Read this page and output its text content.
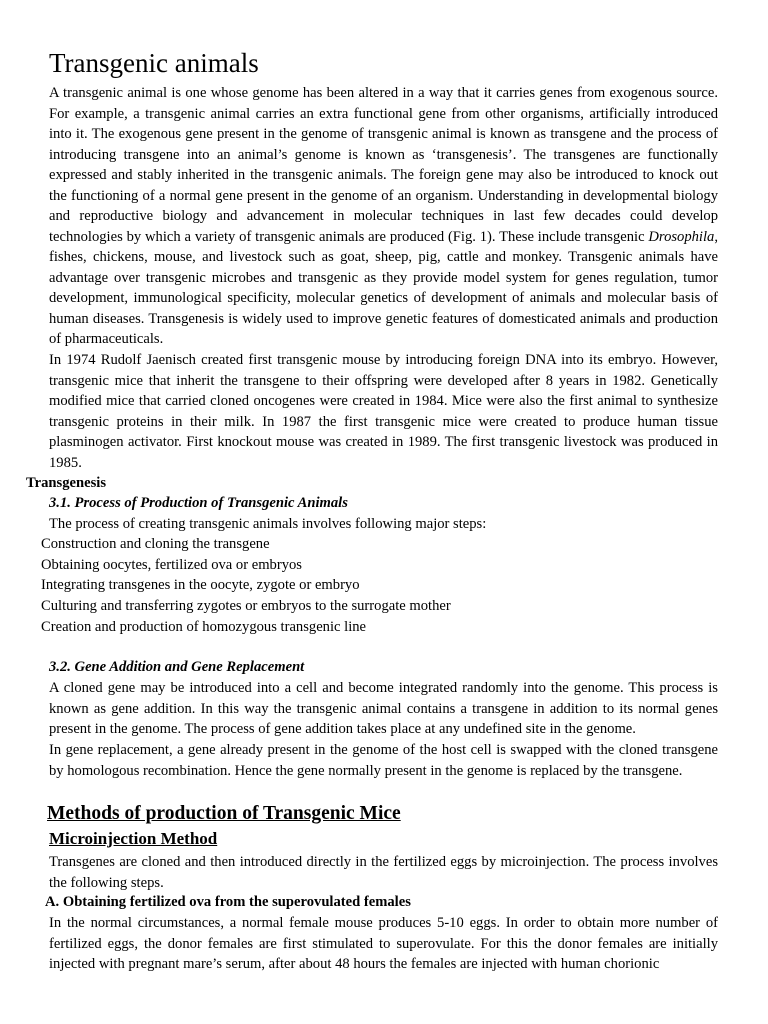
Transgenic animals

A transgenic animal is one whose genome has been altered in a way that it carries genes from exogenous source. For example, a transgenic animal carries an extra functional gene from other organisms, artificially introduced into it. The exogenous gene present in the genome of transgenic animal is known as transgene and the process of introducing transgene into an animal’s genome is known as ‘transgenesis’. The transgenes are functionally expressed and stably inherited in the transgenic animals. The foreign gene may also be introduced to knock out the functioning of a normal gene present in the genome of an organism. Understanding in developmental biology and reproductive biology and advancement in molecular techniques in last few decades could develop technologies by which a variety of transgenic animals are produced (Fig. 1). These include transgenic Drosophila, fishes, chickens, mouse, and livestock such as goat, sheep, pig, cattle and monkey. Transgenic animals have advantage over transgenic microbes and transgenic as they provide model system for genes regulation, tumor development, immunological specificity, molecular genetics of development of animals and molecular basis of human diseases. Transgenesis is widely used to improve genetic features of domesticated animals and production of pharmaceuticals.

In 1974 Rudolf Jaenisch created first transgenic mouse by introducing foreign DNA into its embryo. However, transgenic mice that inherit the transgene to their offspring were developed after 8 years in 1982. Genetically modified mice that carried cloned oncogenes were created in 1984. Mice were also the first animal to synthesize transgenic proteins in their milk. In 1987 the first transgenic mice were created to produce human tissue plasminogen activator. First knockout mouse was created in 1989. The first transgenic livestock was produced in 1985.

Transgenesis
3.1. Process of Production of Transgenic Animals

The process of creating transgenic animals involves following major steps:

Construction and cloning the transgene
Obtaining oocytes, fertilized ova or embryos
Integrating transgenes in the oocyte, zygote or embryo
Culturing and transferring zygotes or embryos to the surrogate mother
Creation and production of homozygous transgenic line
3.2. Gene Addition and Gene Replacement

A cloned gene may be introduced into a cell and become integrated randomly into the genome. This process is known as gene addition. In this way the transgenic animal contains a transgene in addition to its normal genes present in the genome. The process of gene addition takes place at any undefined site in the genome.

In gene replacement, a gene already present in the genome of the host cell is swapped with the cloned transgene by homologous recombination. Hence the gene normally present in the genome is replaced by the transgene.

Methods of production of Transgenic Mice
Microinjection Method

Transgenes are cloned and then introduced directly in the fertilized eggs by microinjection. The process involves the following steps.

A. Obtaining fertilized ova from the superovulated females

In the normal circumstances, a normal female mouse produces 5-10 eggs. In order to obtain more number of fertilized eggs, the donor females are first stimulated to superovulate. For this the donor females are initially injected with pregnant mare’s serum, after about 48 hours the females are injected with human chorionic
